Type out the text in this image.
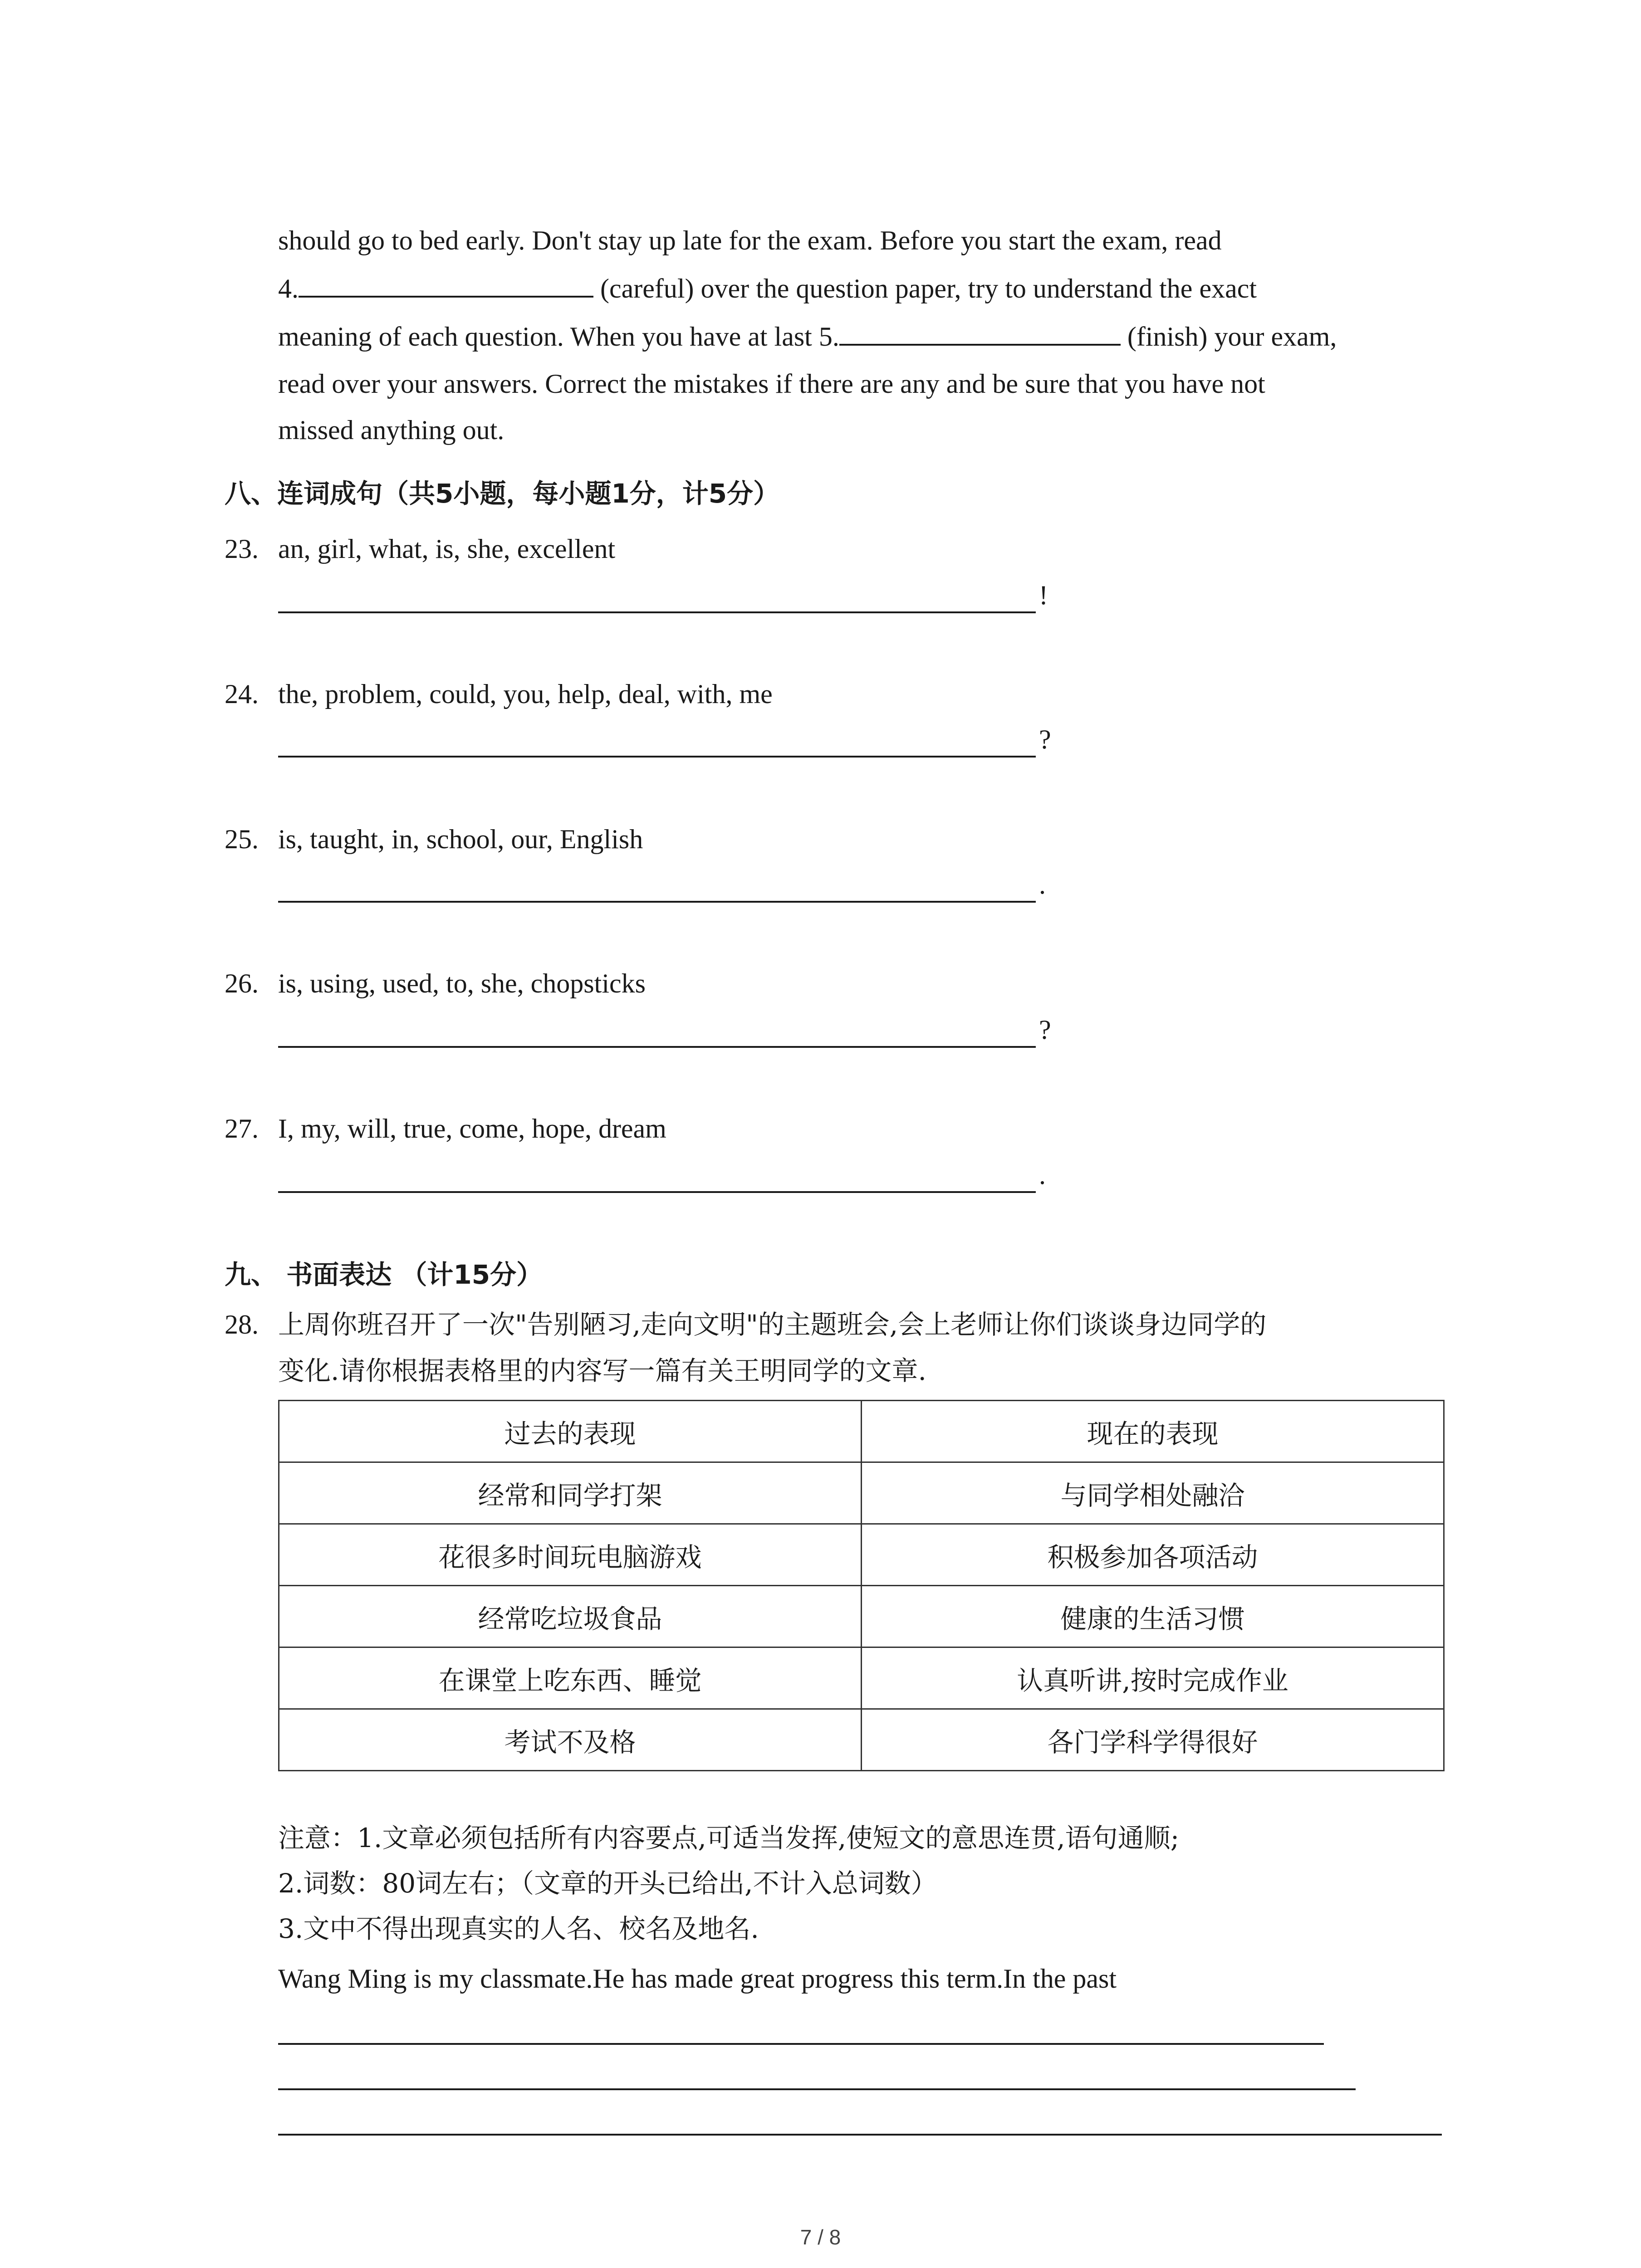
should go to bed early. Don't stay up late for the exam. Before you start the exam, read
4.	(careful) over the question paper, try to understand the exact
meaning of each question. When you have at last 5.	(finish) your exam,
read over your answers. Correct the mistakes if there are any and be sure that you have not
missed anything out.
八、连词成句（共5小题，每小题1分，计5分）
23. an, girl, what, is, she, excellent
!
24. the, problem, could, you, help, deal, with, me
?
25. is, taught, in, school, our, English
.
26. is, using, used, to, she, chopsticks
?
27. I, my, will, true, come, hope, dream
.
九、 书面表达 （计15分）
28. 上周你班召开了一次"告别陋习,走向文明"的主题班会,会上老师让你们谈谈身边同学的
变化.请你根据表格里的内容写一篇有关王明同学的文章.
过去的表现	现在的表现
经常和同学打架	与同学相处融洽
花很多时间玩电脑游戏	积极参加各项活动
经常吃垃圾食品	健康的生活习惯
在课堂上吃东西、睡觉	认真听讲,按时完成作业
考试不及格	各门学科学得很好
注意：1.文章必须包括所有内容要点,可适当发挥,使短文的意思连贯,语句通顺;
2.词数：80词左右；（文章的开头已给出,不计入总词数）
3.文中不得出现真实的人名、校名及地名.
Wang Ming is my classmate.He has made great progress this term.In the past
7 / 8
